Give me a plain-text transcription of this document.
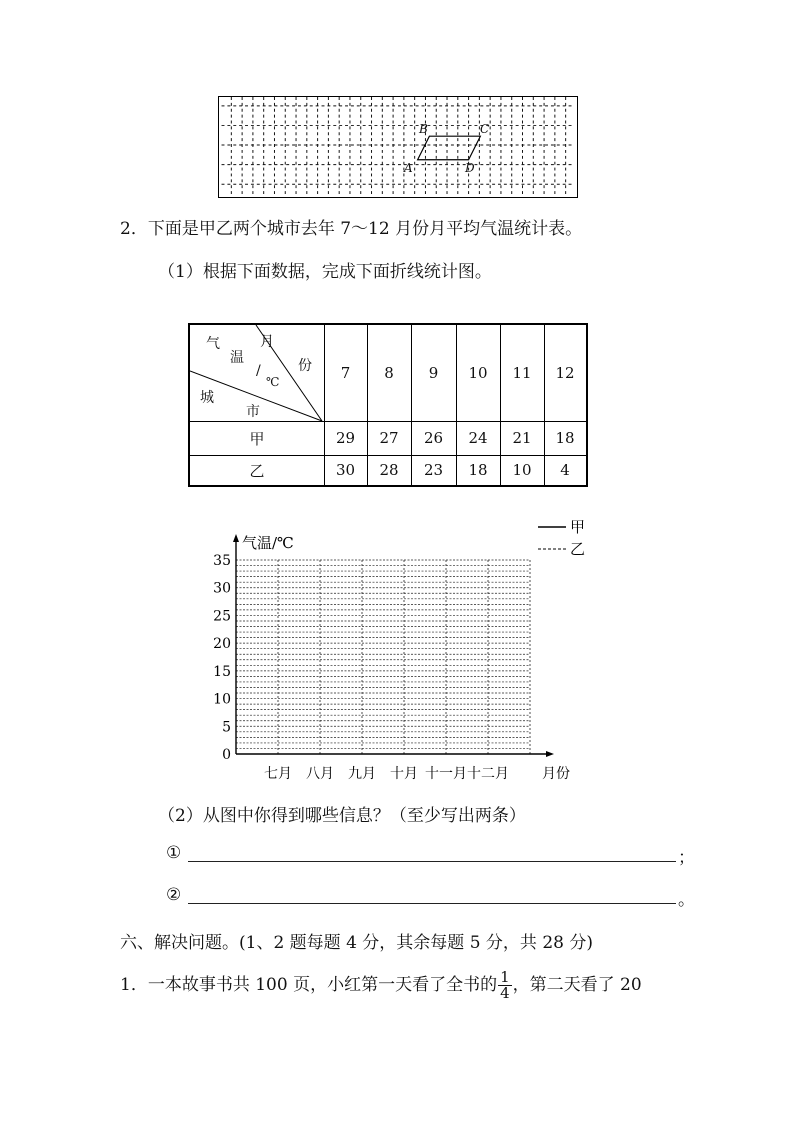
B	C
A	D
2．下面是甲乙两个城市去年 7～12 月份月平均气温统计表。
（1）根据下面数据，完成下面折线统计图。
月
份
气
温
/
℃
城
市
7	8	9	10	11	12
甲	29	27	26	24	21	18
乙	30	28	23	18	10	4
0
5
10
15
20
25
30
35
气温/℃
七月 八月 九月 十月 十一月 十二月 月份
甲
乙
（2）从图中你得到哪些信息？（至少写出两条）
①	；
②	。
六、解决问题。(1、2 题每题 4 分，其余每题 5 分，共 28 分)
1．一本故事书共 100 页，小红第一天看了全书的 $\frac{1}{4}$ ，第二天看了 20
